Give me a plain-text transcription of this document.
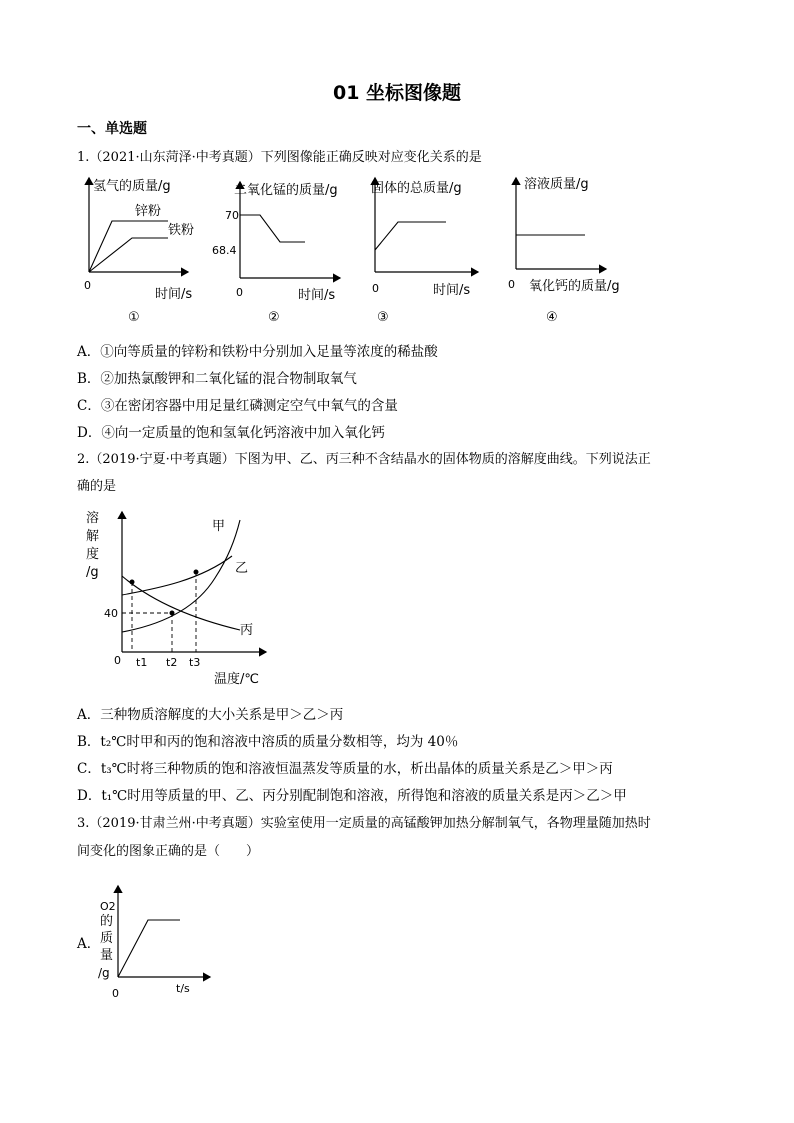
01 坐标图像题
一、单选题
1.（2021·山东菏泽·中考真题）下列图像能正确反映对应变化关系的是
氢气的质量/g
锌粉
铁粉
0
时间/s
①
二氧化锰的质量/g
70
68.4
0	时间/s
②
固体的总质量/g
0	时间/s
③
溶液质量/g
0 氧化钙的质量/g
④
A．①向等质量的锌粉和铁粉中分别加入足量等浓度的稀盐酸
B．②加热氯酸钾和二氧化锰的混合物制取氧气
C．③在密闭容器中用足量红磷测定空气中氧气的含量
D．④向一定质量的饱和氢氧化钙溶液中加入氧化钙
2.（2019·宁夏·中考真题）下图为甲、乙、丙三种不含结晶水的固体物质的溶解度曲线。下列说法正
确的是
溶
解
度
/g
40
0 t1 t2 t3
温度/℃
甲
乙
丙
A．三种物质溶解度的大小关系是甲＞乙＞丙
B．t₂℃时甲和丙的饱和溶液中溶质的质量分数相等，均为 40％
C．t₃℃时将三种物质的饱和溶液恒温蒸发等质量的水，析出晶体的质量关系是乙＞甲＞丙
D．t₁℃时用等质量的甲、乙、丙分别配制饱和溶液，所得饱和溶液的质量关系是丙＞乙＞甲
3.（2019·甘肃兰州·中考真题）实验室使用一定质量的高锰酸钾加热分解制氧气，各物理量随加热时
间变化的图象正确的是（　　）
A．
O2
的
质
量
/g
0	t/s
